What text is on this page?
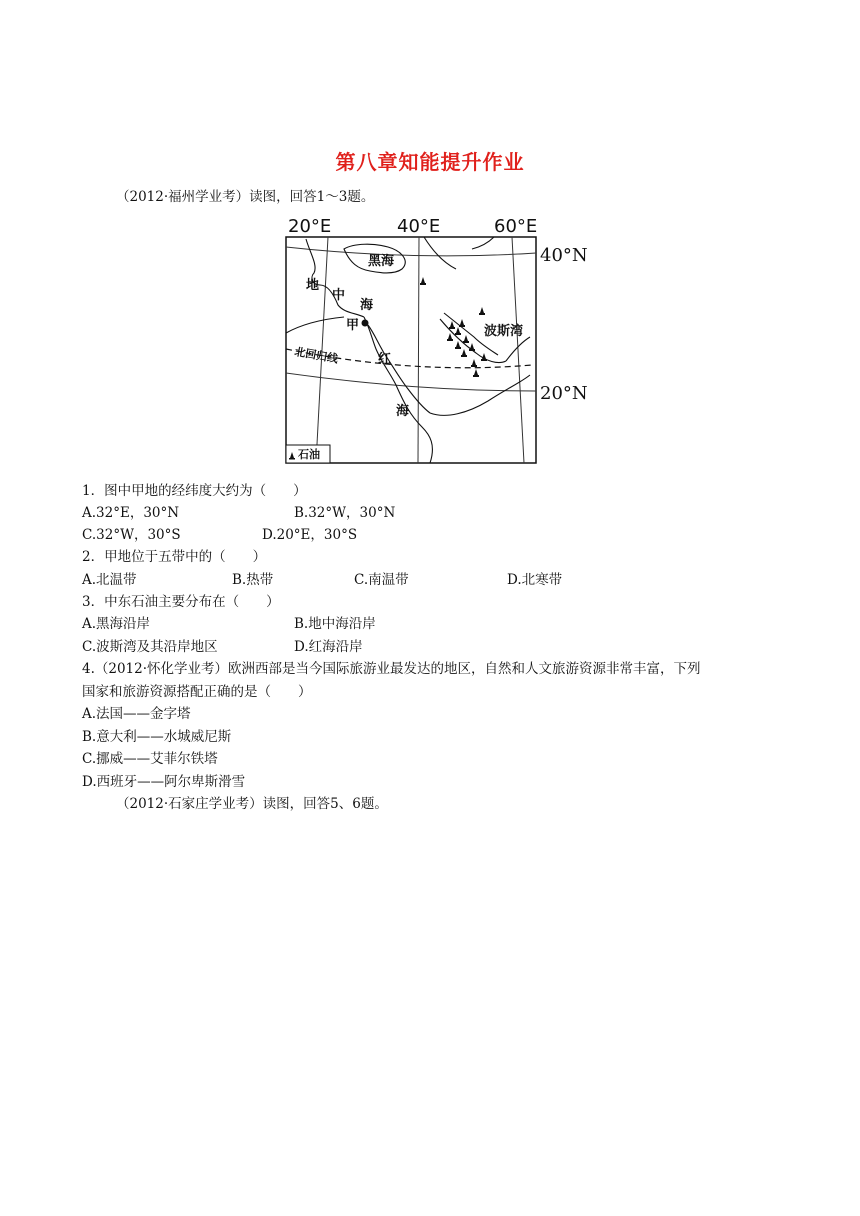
第八章知能提升作业
（2012·福州学业考）读图，回答1～3题。
20°E	40°E	60°E
黑海
地
中
海
甲	波斯湾
北回归线	红
海
石油
40°N
20°N
1．图中甲地的经纬度大约为（　　）
A.32°E，30°N	B.32°W，30°N
C.32°W，30°S	D.20°E，30°S
2．甲地位于五带中的（　　）
A.北温带	B.热带	C.南温带	D.北寒带
3．中东石油主要分布在（　　）
A.黑海沿岸	B.地中海沿岸
C.波斯湾及其沿岸地区	D.红海沿岸
4.（2012·怀化学业考）欧洲西部是当今国际旅游业最发达的地区，自然和人文旅游资源非常丰富，下列
国家和旅游资源搭配正确的是（　　）
A.法国——金字塔
B.意大利——水城威尼斯
C.挪威——艾菲尔铁塔
D.西班牙——阿尔卑斯滑雪
（2012·石家庄学业考）读图，回答5、6题。
